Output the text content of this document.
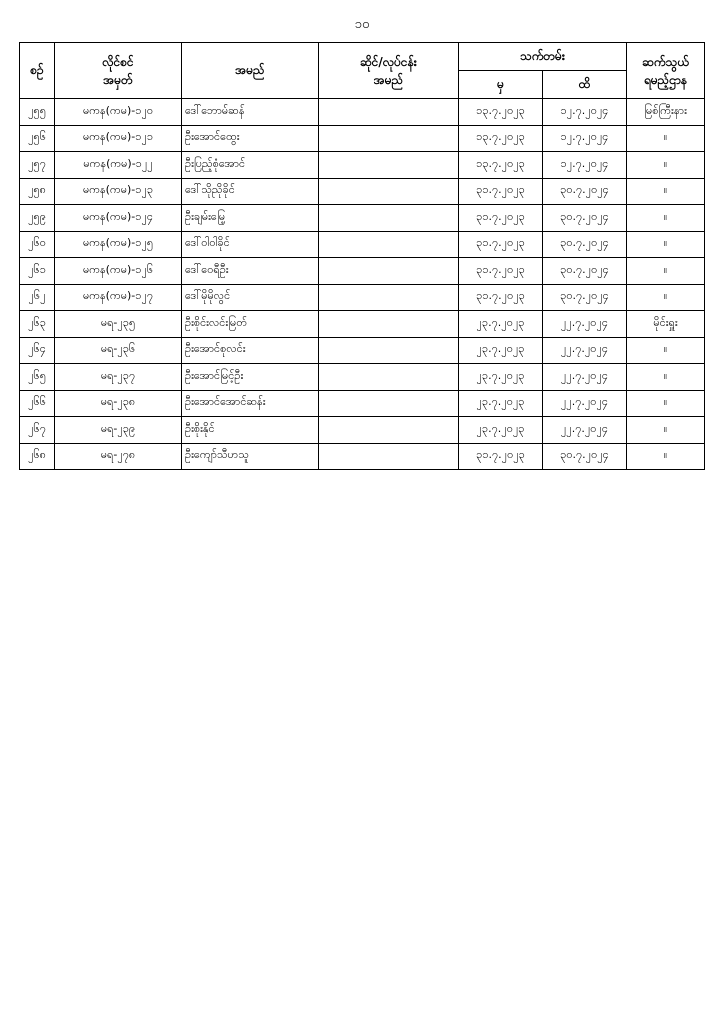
၁၀
စဉ်	လိုင်စင်
အမှတ်	အမည်	ဆိုင်/လုပ်ငန်း
အမည်	သက်တမ်း		ဆက်သွယ်
ရမည့်ဌာန

				မှ	ထိ	
၂၅၅	မကန(ကမ)-၁၂၀	ဒေါ်ဘောမ်ဆန်		၁၃.၇.၂၀၂၃	၁၂.၇.၂၀၂၄	မြစ်ကြီးနား
၂၅၆	မကန(ကမ)-၁၂၁	ဦးအောင်ထွေး		၁၃.၇.၂၀၂၃	၁၂.၇.၂၀၂၄	။
၂၅၇	မကန(ကမ)-၁၂၂	ဦးပြည့်စုံအောင်		၁၃.၇.၂၀၂၃	၁၂.၇.၂၀၂၄	။
၂၅၈	မကန(ကမ)-၁၂၃	ဒေါ်သိုညိုခိုင်		၃၁.၇.၂၀၂၃	၃၀.၇.၂၀၂၄	။
၂၅၉	မကန(ကမ)-၁၂၄	ဦးချမ်းမြေ့		၃၁.၇.၂၀၂၃	၃၀.၇.၂၀၂၄	။
၂၆၀	မကန(ကမ)-၁၂၅	ဒေါ်ဝါဝါခိုင်		၃၁.၇.၂၀၂၃	၃၀.၇.၂၀၂၄	။
၂၆၁	မကန(ကမ)-၁၂၆	ဒေါ်ဝေရီဦး		၃၁.၇.၂၀၂၃	၃၀.၇.၂၀၂၄	။
၂၆၂	မကန(ကမ)-၁၂၇	ဒေါ်မိုမိုလွင်		၃၁.၇.၂၀၂၃	၃၀.၇.၂၀၂၄	။
၂၆၃	မရ-၂၃၅	ဦးစိုင်းလင်းမြတ်		၂၃.၇.၂၀၂၃	၂၂.၇.၂၀၂၄	မိုင်းရှူး
၂၆၄	မရ-၂၃၆	ဦးအောင်စုလင်း		၂၃.၇.၂၀၂၃	၂၂.၇.၂၀၂၄	။
၂၆၅	မရ-၂၃၇	ဦးအောင်မြင့်ဦး		၂၃.၇.၂၀၂၃	၂၂.၇.၂၀၂၄	။
၂၆၆	မရ-၂၃၈	ဦးအောင်အောင်ဆန်း		၂၃.၇.၂၀၂၃	၂၂.၇.၂၀၂၄	။
၂၆၇	မရ-၂၃၉	ဦးစိုးနိုင်		၂၃.၇.၂၀၂၃	၂၂.၇.၂၀၂၄	။
၂၆၈	မရ-၂၇၈	ဦးကျော်သီဟသူ		၃၁.၇.၂၀၂၃	၃၀.၇.၂၀၂၄	။
